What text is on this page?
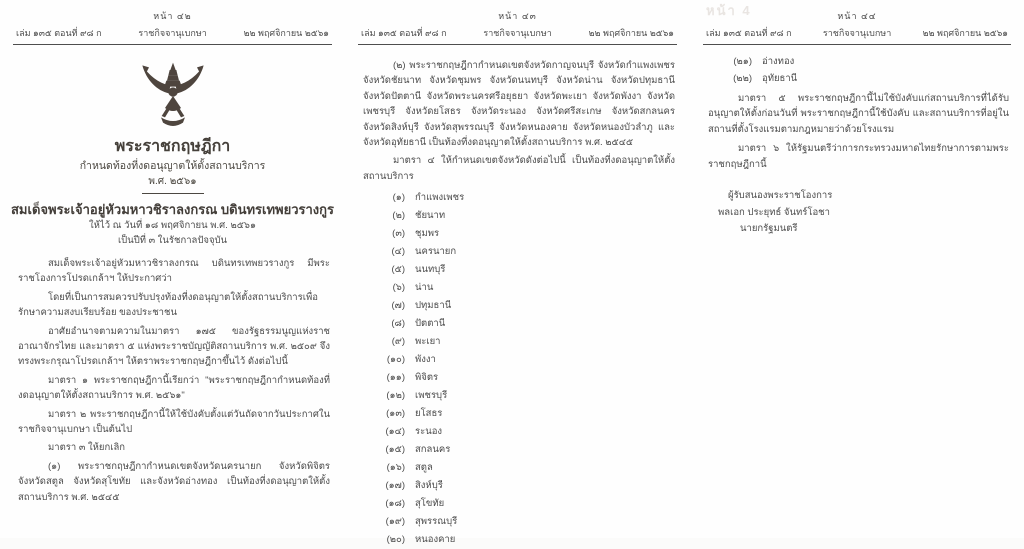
หน้า ๔๒
เล่ม ๑๓๕ ตอนที่ ๙๘ ก	ราชกิจจานุเบกษา	๒๒ พฤศจิกายน ๒๕๖๑
พระราชกฤษฎีกา
กำหนดท้องที่งดอนุญาตให้ตั้งสถานบริการ
พ.ศ. ๒๕๖๑
สมเด็จพระเจ้าอยู่หัวมหาวชิราลงกรณ บดินทรเทพยวรางกูร
ให้ไว้ ณ วันที่ ๑๘ พฤศจิกายน พ.ศ. ๒๕๖๑
เป็นปีที่ ๓ ในรัชกาลปัจจุบัน

สมเด็จพระเจ้าอยู่หัวมหาวชิราลงกรณ บดินทรเทพยวรางกูร มีพระราชโองการโปรดเกล้าฯ ให้ประกาศว่า

โดยที่เป็นการสมควรปรับปรุงท้องที่งดอนุญาตให้ตั้งสถานบริการเพื่อรักษาความสงบเรียบร้อย ของประชาชน

อาศัยอำนาจตามความในมาตรา ๑๗๕ ของรัฐธรรมนูญแห่งราชอาณาจักรไทย และมาตรา ๕ แห่งพระราชบัญญัติสถานบริการ พ.ศ. ๒๕๐๙ จึงทรงพระกรุณาโปรดเกล้าฯ ให้ตราพระราชกฤษฎีกาขึ้นไว้ ดังต่อไปนี้

มาตรา ๑ พระราชกฤษฎีกานี้เรียกว่า "พระราชกฤษฎีกากำหนดท้องที่งดอนุญาตให้ตั้งสถานบริการ พ.ศ. ๒๕๖๑"

มาตรา ๒ พระราชกฤษฎีกานี้ให้ใช้บังคับตั้งแต่วันถัดจากวันประกาศในราชกิจจานุเบกษา เป็นต้นไป

มาตรา ๓ ให้ยกเลิก

(๑) พระราชกฤษฎีกากำหนดเขตจังหวัดนครนายก จังหวัดพิจิตร จังหวัดสตูล จังหวัดสุโขทัย และจังหวัดอ่างทอง เป็นท้องที่งดอนุญาตให้ตั้งสถานบริการ พ.ศ. ๒๕๔๕

หน้า ๔๓
เล่ม ๑๓๕ ตอนที่ ๙๘ ก	ราชกิจจานุเบกษา	๒๒ พฤศจิกายน ๒๕๖๑

(๒) พระราชกฤษฎีกากำหนดเขตจังหวัดกาญจนบุรี จังหวัดกำแพงเพชร จังหวัดชัยนาท จังหวัดชุมพร จังหวัดนนทบุรี จังหวัดน่าน จังหวัดปทุมธานี จังหวัดปัตตานี จังหวัดพระนครศรีอยุธยา จังหวัดพะเยา จังหวัดพังงา จังหวัดเพชรบุรี จังหวัดยโสธร จังหวัดระนอง จังหวัดศรีสะเกษ จังหวัดสกลนคร จังหวัดสิงห์บุรี จังหวัดสุพรรณบุรี จังหวัดหนองคาย จังหวัดหนองบัวลำภู และ จังหวัดอุทัยธานี เป็นท้องที่งดอนุญาตให้ตั้งสถานบริการ พ.ศ. ๒๕๔๕

มาตรา ๔ ให้กำหนดเขตจังหวัดดังต่อไปนี้ เป็นท้องที่งดอนุญาตให้ตั้งสถานบริการ

(๑) กำแพงเพชร
(๒) ชัยนาท
(๓) ชุมพร
(๔) นครนายก
(๕) นนทบุรี
(๖) น่าน
(๗) ปทุมธานี
(๘) ปัตตานี
(๙) พะเยา
(๑๐) พังงา
(๑๑) พิจิตร
(๑๒) เพชรบุรี
(๑๓) ยโสธร
(๑๔) ระนอง
(๑๕) สกลนคร
(๑๖) สตูล
(๑๗) สิงห์บุรี
(๑๘) สุโขทัย
(๑๙) สุพรรณบุรี
(๒๐) หนองคาย
หน้า 4	หน้า ๔๔
เล่ม ๑๓๕ ตอนที่ ๙๘ ก	ราชกิจจานุเบกษา	๒๒ พฤศจิกายน ๒๕๖๑
(๒๑) อ่างทอง
(๒๒) อุทัยธานี

มาตรา ๕ พระราชกฤษฎีกานี้ไม่ใช้บังคับแก่สถานบริการที่ได้รับอนุญาตให้ตั้งก่อนวันที่ พระราชกฤษฎีกานี้ใช้บังคับ และสถานบริการที่อยู่ในสถานที่ตั้งโรงแรมตามกฎหมายว่าด้วยโรงแรม

มาตรา ๖ ให้รัฐมนตรีว่าการกระทรวงมหาดไทยรักษาการตามพระราชกฤษฎีกานี้

ผู้รับสนองพระราชโองการ
พลเอก ประยุทธ์ จันทร์โอชา
นายกรัฐมนตรี
